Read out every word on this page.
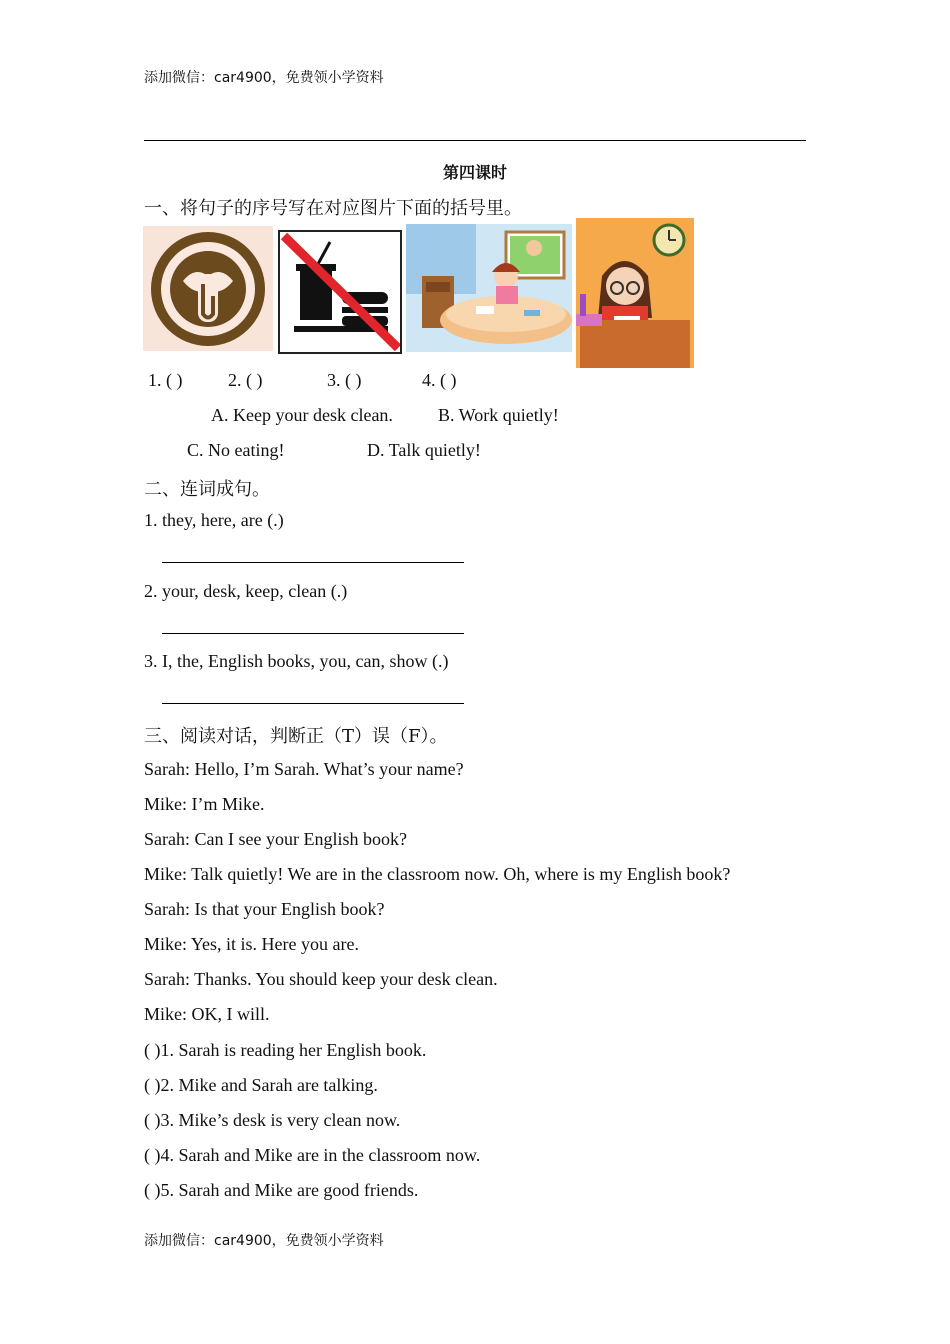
添加微信：car4900，免费领小学资料
第四课时
一、将句子的序号写在对应图片下面的括号里。
1. ( )	2. ( )	3. ( )	4. ( )
A. Keep your desk clean.	B. Work quietly!
C. No eating!	D. Talk quietly!
二、连词成句。
1. they, here, are (.)
2. your, desk, keep, clean (.)
3. I, the, English books, you, can, show (.)
三、阅读对话，判断正（T）误（F）。
Sarah: Hello, I’m Sarah. What’s your name?
Mike: I’m Mike.
Sarah: Can I see your English book?
Mike: Talk quietly! We are in the classroom now. Oh, where is my English book?
Sarah: Is that your English book?
Mike: Yes, it is. Here you are.
Sarah: Thanks. You should keep your desk clean.
Mike: OK, I will.
( )1. Sarah is reading her English book.
( )2. Mike and Sarah are talking.
( )3. Mike’s desk is very clean now.
( )4. Sarah and Mike are in the classroom now.
( )5. Sarah and Mike are good friends.
添加微信：car4900，免费领小学资料
